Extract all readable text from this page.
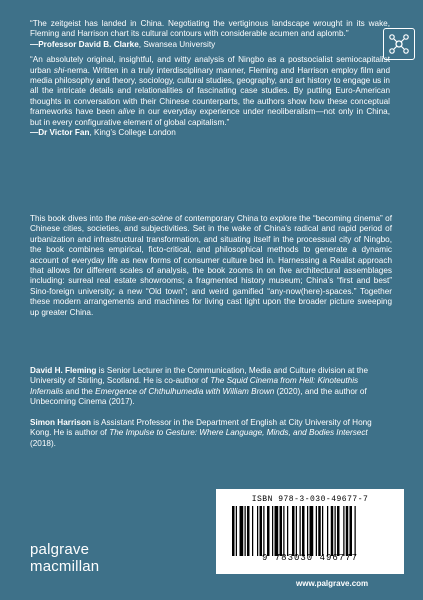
“The zeitgeist has landed in China. Negotiating the vertiginous landscape wrought in its wake, Fleming and Harrison chart its cultural contours with considerable acumen and aplomb.”
—Professor David B. Clarke, Swansea University

“An absolutely original, insightful, and witty analysis of Ningbo as a postsocialist semiocapitalist urban shi-nema. Written in a truly interdisciplinary manner, Fleming and Harrison employ film and media philosophy and theory, sociology, cultural studies, geography, and art history to engage us in all the intricate details and relationalities of fascinating case studies. By putting Euro-American thoughts in conversation with their Chinese counterparts, the authors show how these conceptual frameworks have been alive in our everyday experience under neoliberalism—not only in China, but in every configurative element of global capitalism.”
—Dr Victor Fan, King’s College London

This book dives into the mise-en-scène of contemporary China to explore the “becoming cinema” of Chinese cities, societies, and subjectivities. Set in the wake of China’s radical and rapid period of urbanization and infrastructural transformation, and situating itself in the processual city of Ningbo, the book combines empirical, ficto-critical, and philosophical methods to generate a dynamic account of everyday life as new forms of consumer culture bed in. Harnessing a Realist approach that allows for different scales of analysis, the book zooms in on five architectural assemblages including: surreal real estate showrooms; a fragmented history museum; China’s “first and best” Sino-foreign university; a new “Old town”; and weird gamified “any-now(here)-spaces.” Together these modern arrangements and machines for living cast light upon the broader picture sweeping up greater China.

David H. Fleming is Senior Lecturer in the Communication, Media and Culture division at the University of Stirling, Scotland. He is co-author of The Squid Cinema from Hell: Kinoteuthis Infernalis and the Emergence of Chthulhumedia with William Brown (2020), and the author of Unbecoming Cinema (2017).

Simon Harrison is Assistant Professor in the Department of English at City University of Hong Kong. He is author of The Impulse to Gesture: Where Language, Minds, and Bodies Intersect (2018).

palgrave
macmillan
ISBN 978-3-030-49677-7
9 783030 496777
www.palgrave.com
